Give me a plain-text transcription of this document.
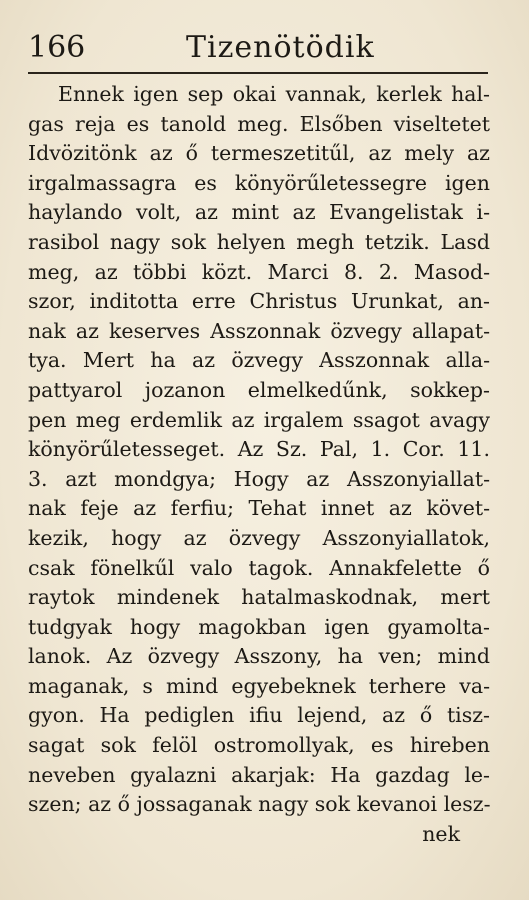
166	Tizenötödik
Ennek igen sep okai vannak, kerlek hal-
gas reja es tanold meg. Elsőben viseltetet
Idvözitönk az ő termeszetitűl, az mely az
irgalmassagra es könyörűletessegre igen
haylando volt, az mint az Evangelistak i-
rasibol nagy sok helyen megh tetzik. Lasd
meg, az többi közt. Marci 8. 2. Masod-
szor, inditotta erre Christus Urunkat, an-
nak az keserves Asszonnak özvegy allapat-
tya. Mert ha az özvegy Asszonnak alla-
pattyarol jozanon elmelkedűnk, sokkep-
pen meg erdemlik az irgalem ssagot avagy
könyörűletesseget. Az Sz. Pal, 1. Cor. 11.
3. azt mondgya; Hogy az Asszonyiallat-
nak feje az ferfiu; Tehat innet az követ-
kezik, hogy az özvegy Asszonyiallatok,
csak fönelkűl valo tagok. Annakfelette ő
raytok mindenek hatalmaskodnak, mert
tudgyak hogy magokban igen gyamolta-
lanok. Az özvegy Asszony, ha ven; mind
maganak, s mind egyebeknek terhere va-
gyon. Ha pediglen ifiu lejend, az ő tisz-
sagat sok felöl ostromollyak, es hireben
neveben gyalazni akarjak: Ha gazdag le-
szen; az ő jossaganak nagy sok kevanoi lesz-
nek
